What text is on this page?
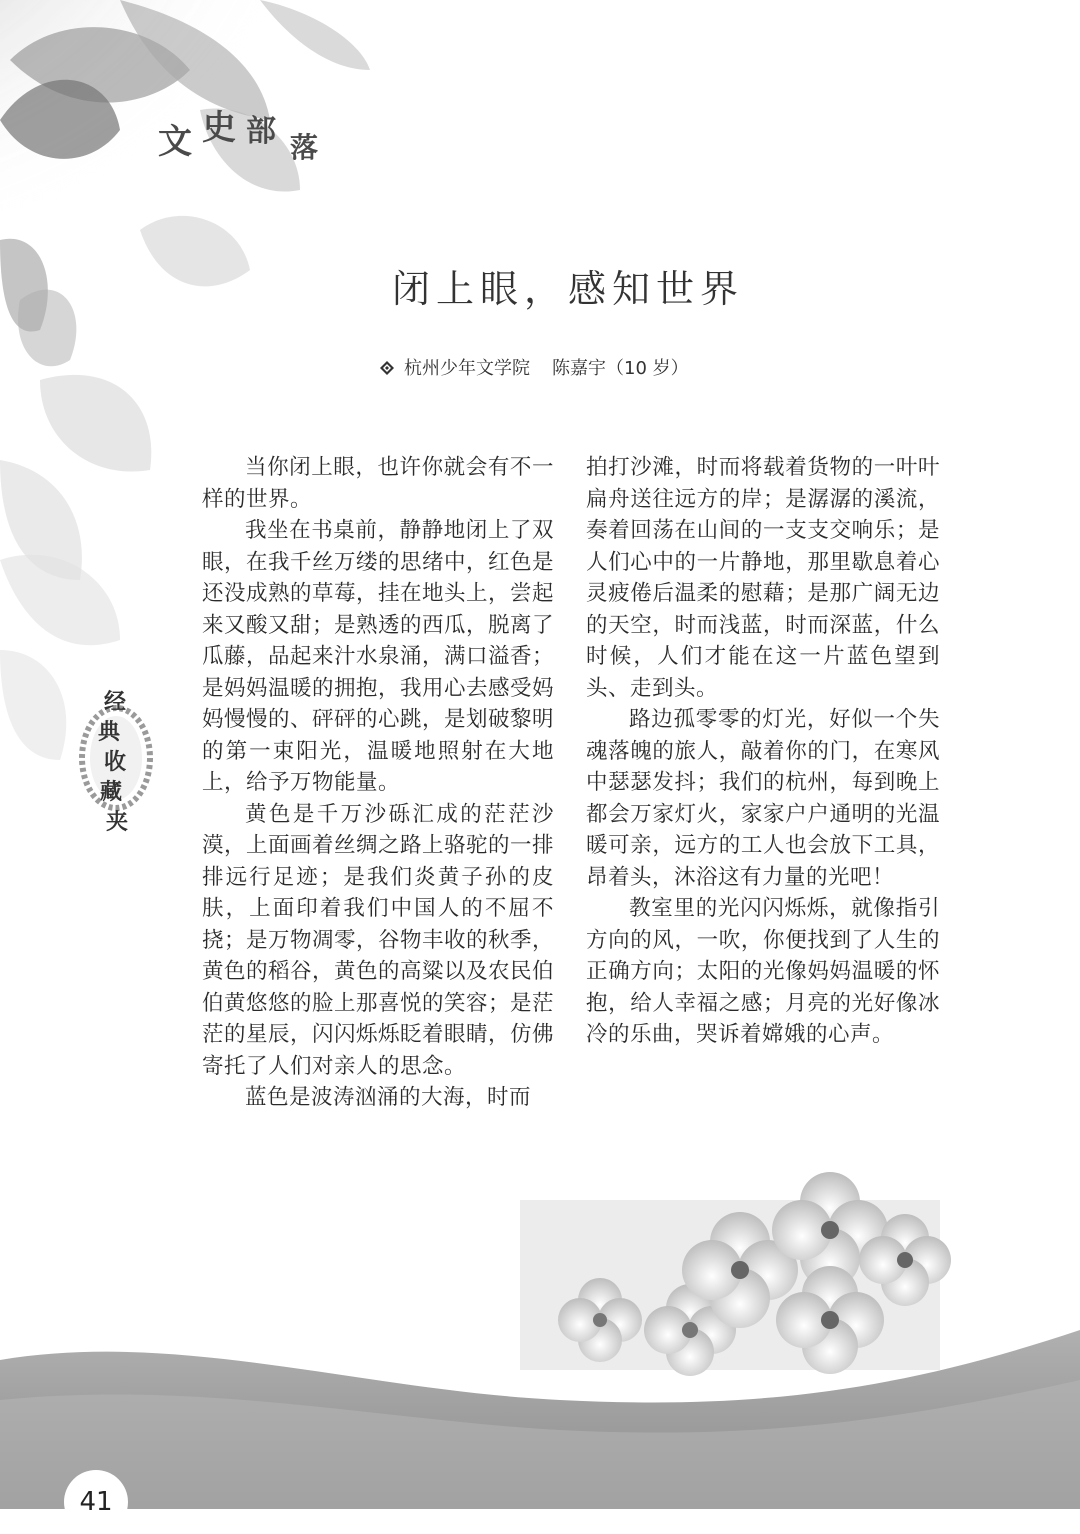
文 史 部 落
闭上眼，感知世界
杭州少年文学院 陈嘉宇（10 岁）
经
典
收
藏
夹

当你闭上眼，也许你就会有不一样的世界。

我坐在书桌前，静静地闭上了双眼，在我千丝万缕的思绪中，红色是还没成熟的草莓，挂在地头上，尝起来又酸又甜；是熟透的西瓜，脱离了瓜藤，品起来汁水泉涌，满口溢香；是妈妈温暖的拥抱，我用心去感受妈妈慢慢的、砰砰的心跳，是划破黎明的第一束阳光，温暖地照射在大地上，给予万物能量。

黄色是千万沙砾汇成的茫茫沙漠，上面画着丝绸之路上骆驼的一排排远行足迹；是我们炎黄子孙的皮肤，上面印着我们中国人的不屈不挠；是万物凋零，谷物丰收的秋季，黄色的稻谷，黄色的高粱以及农民伯伯黄悠悠的脸上那喜悦的笑容；是茫茫的星辰，闪闪烁烁眨着眼睛，仿佛寄托了人们对亲人的思念。

蓝色是波涛汹涌的大海，时而

拍打沙滩，时而将载着货物的一叶叶扁舟送往远方的岸；是潺潺的溪流，奏着回荡在山间的一支支交响乐；是人们心中的一片静地，那里歇息着心灵疲倦后温柔的慰藉；是那广阔无边的天空，时而浅蓝，时而深蓝，什么时候，人们才能在这一片蓝色望到头、走到头。

路边孤零零的灯光，好似一个失魂落魄的旅人，敲着你的门，在寒风中瑟瑟发抖；我们的杭州，每到晚上都会万家灯火，家家户户通明的光温暖可亲，远方的工人也会放下工具，昂着头，沐浴这有力量的光吧！

教室里的光闪闪烁烁，就像指引方向的风，一吹，你便找到了人生的正确方向；太阳的光像妈妈温暖的怀抱，给人幸福之感；月亮的光好像冰冷的乐曲，哭诉着嫦娥的心声。

41
